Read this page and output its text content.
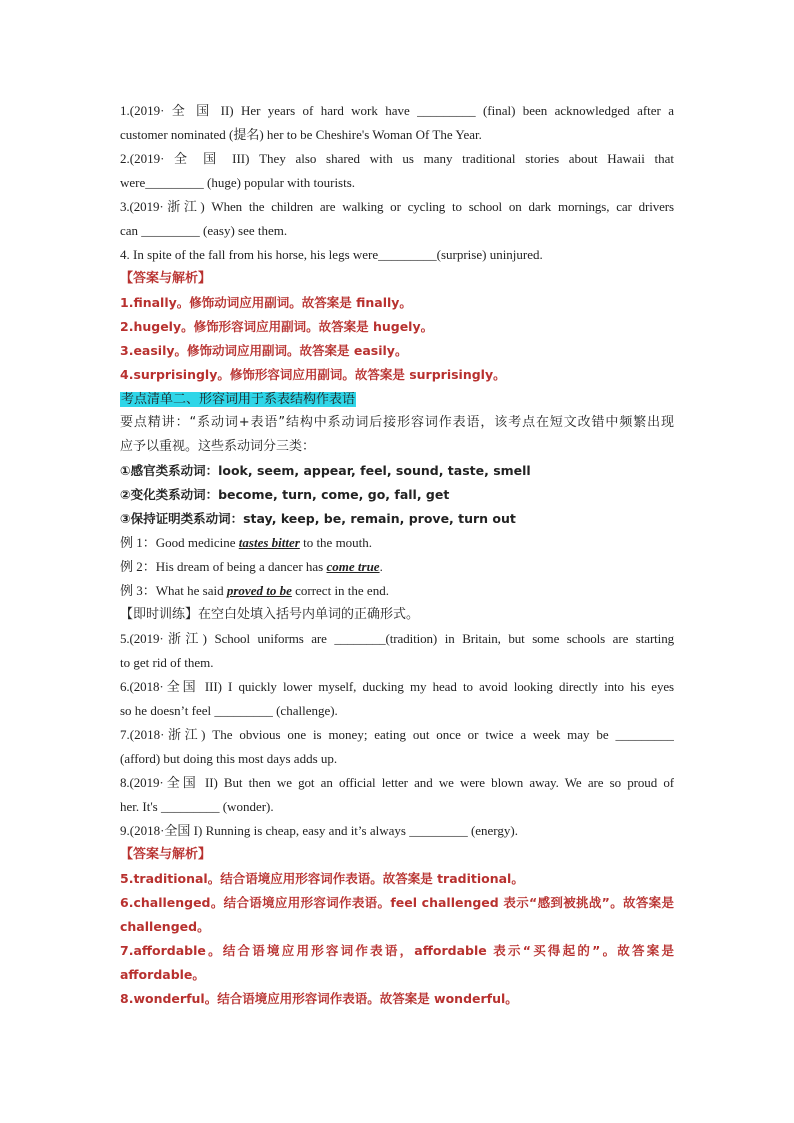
1.(2019· 全 国 II) Her years of hard work have _________ (final) been acknowledged after a
customer nominated (提名) her to be Cheshire's Woman Of The Year.
2.(2019· 全 国 III) They also shared with us many traditional stories about Hawaii that
were_________ (huge) popular with tourists.
3.(2019·浙江) When the children are walking or cycling to school on dark mornings, car drivers
can _________ (easy) see them.
4. In spite of the fall from his horse, his legs were_________(surprise) uninjured.
【答案与解析】
1.finally。修饰动词应用副词。故答案是 finally。
2.hugely。修饰形容词应用副词。故答案是 hugely。
3.easily。修饰动词应用副词。故答案是 easily。
4.surprisingly。修饰形容词应用副词。故答案是 surprisingly。
考点清单二、形容词用于系表结构作表语
要点精讲：“系动词+表语”结构中系动词后接形容词作表语，该考点在短文改错中频繁出现
应予以重视。这些系动词分三类：
①感官类系动词：look, seem, appear, feel, sound, taste, smell
②变化类系动词：become, turn, come, go, fall, get
③保持证明类系动词：stay, keep, be, remain, prove, turn out
例 1：Good medicine tastes bitter to the mouth.
例 2：His dream of being a dancer has come true.
例 3：What he said proved to be correct in the end.
【即时训练】在空白处填入括号内单词的正确形式。
5.(2019·浙江) School uniforms are ________(tradition) in Britain, but some schools are starting
to get rid of them.
6.(2018·全国 III) I quickly lower myself, ducking my head to avoid looking directly into his eyes
so he doesn’t feel _________ (challenge).
7.(2018·浙江) The obvious one is money; eating out once or twice a week may be _________
(afford) but doing this most days adds up.
8.(2019·全国 II) But then we got an official letter and we were blown away. We are so proud of
her. It's _________ (wonder).
9.(2018·全国 I) Running is cheap, easy and it’s always _________ (energy).
【答案与解析】
5.traditional。结合语境应用形容词作表语。故答案是 traditional。
6.challenged。结合语境应用形容词作表语。feel challenged 表示“感到被挑战”。故答案是
challenged。
7.affordable。结合语境应用形容词作表语，affordable 表示“买得起的”。故答案是
affordable。
8.wonderful。结合语境应用形容词作表语。故答案是 wonderful。
